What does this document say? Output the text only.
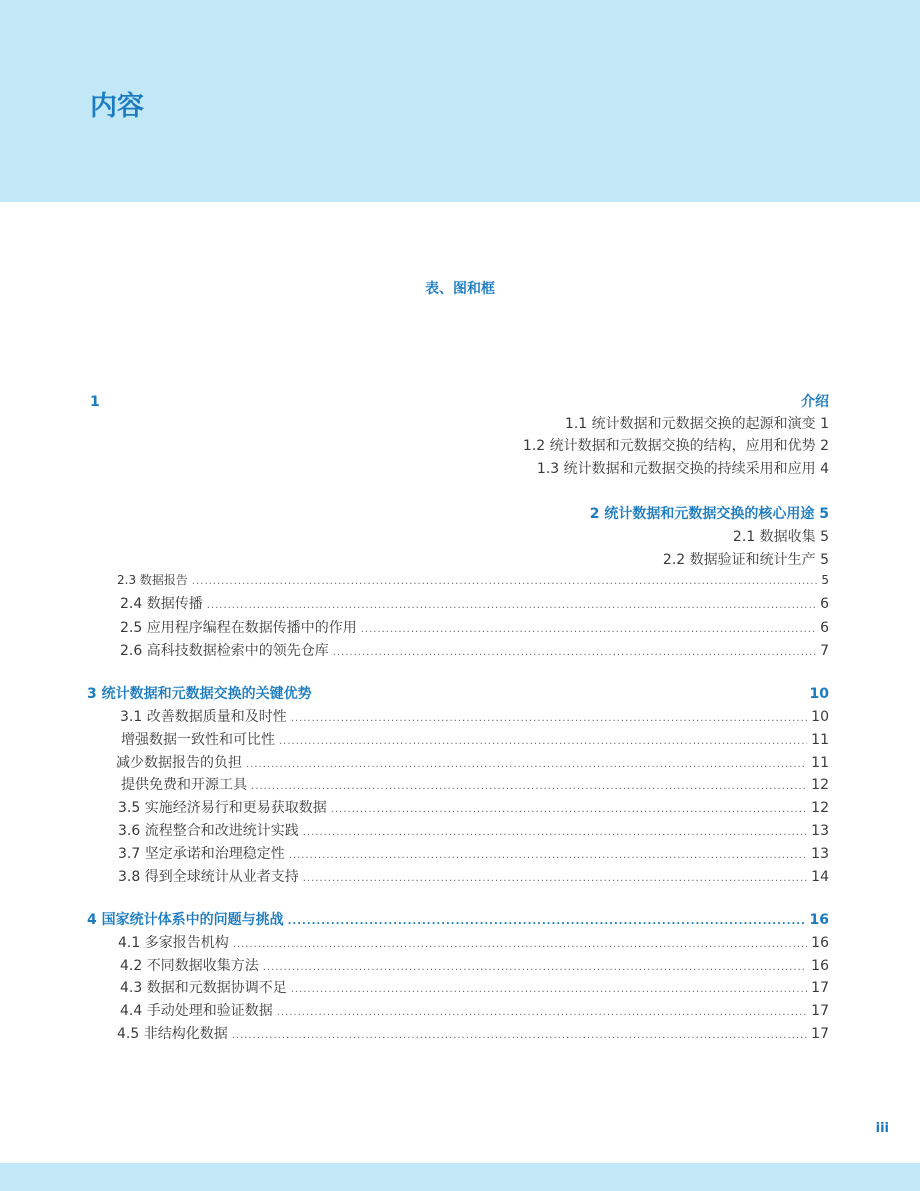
内容
表、图和框
1	介绍
1.1 统计数据和元数据交换的起源和演变 1
1.2 统计数据和元数据交换的结构，应用和优势 2
1.3 统计数据和元数据交换的持续采用和应用 4
2 统计数据和元数据交换的核心用途 5
2.1 数据收集 5
2.2 数据验证和统计生产 5
2.3 数据报告 .....	5
2.4 数据传播 .....	6
2.5 应用程序编程在数据传播中的作用 .....	6
2.6 高科技数据检索中的领先仓库 .....	7
3 统计数据和元数据交换的关键优势	10
3.1 改善数据质量和及时性 .....	10
增强数据一致性和可比性 .....	11
减少数据报告的负担 .....	11
提供免费和开源工具 .....	12
3.5 实施经济易行和更易获取数据 .....	12
3.6 流程整合和改进统计实践 .....	13
3.7 坚定承诺和治理稳定性 .....	13
3.8 得到全球统计从业者支持 .....	14
4 国家统计体系中的问题与挑战 .....	16
4.1 多家报告机构 .....	16
4.2 不同数据收集方法 .....	16
4.3 数据和元数据协调不足 .....	17
4.4 手动处理和验证数据 .....	17
4.5 非结构化数据 .....	17
iii
